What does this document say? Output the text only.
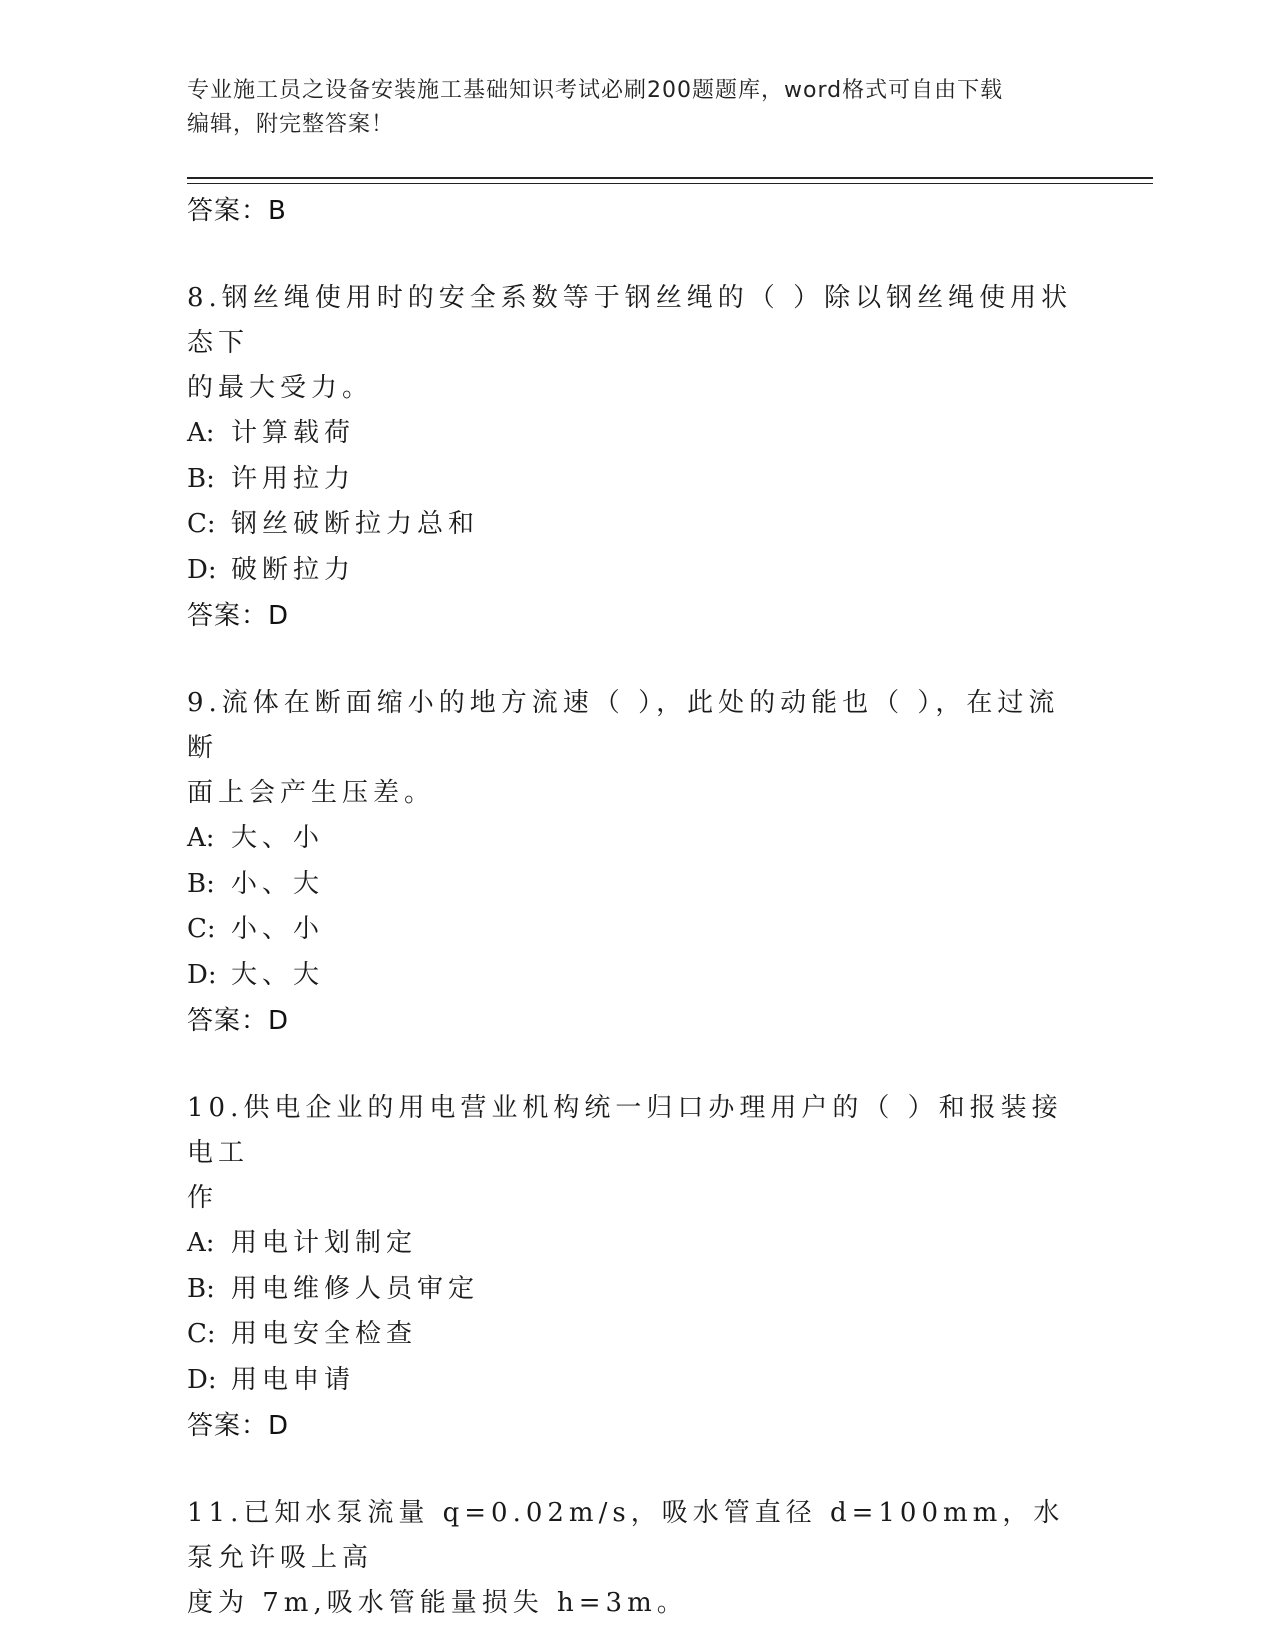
专业施工员之设备安装施工基础知识考试必刷200题题库，word格式可自由下载
编辑，附完整答案！
答案：B
8.钢丝绳使用时的安全系数等于钢丝绳的（ ）除以钢丝绳使用状态下
的最大受力。
A: 计算载荷
B: 许用拉力
C: 钢丝破断拉力总和
D: 破断拉力
答案：D
9.流体在断面缩小的地方流速（ ），此处的动能也（ ），在过流断
面上会产生压差。
A: 大、小
B: 小、大
C: 小、小
D: 大、大
答案：D
10.供电企业的用电营业机构统一归口办理用户的（ ）和报装接电工
作
A: 用电计划制定
B: 用电维修人员审定
C: 用电安全检查
D: 用电申请
答案：D
11.已知水泵流量 q=0.02m/s，吸水管直径 d=100mm，水泵允许吸上高
度为 7m,吸水管能量损失 h=3m。
